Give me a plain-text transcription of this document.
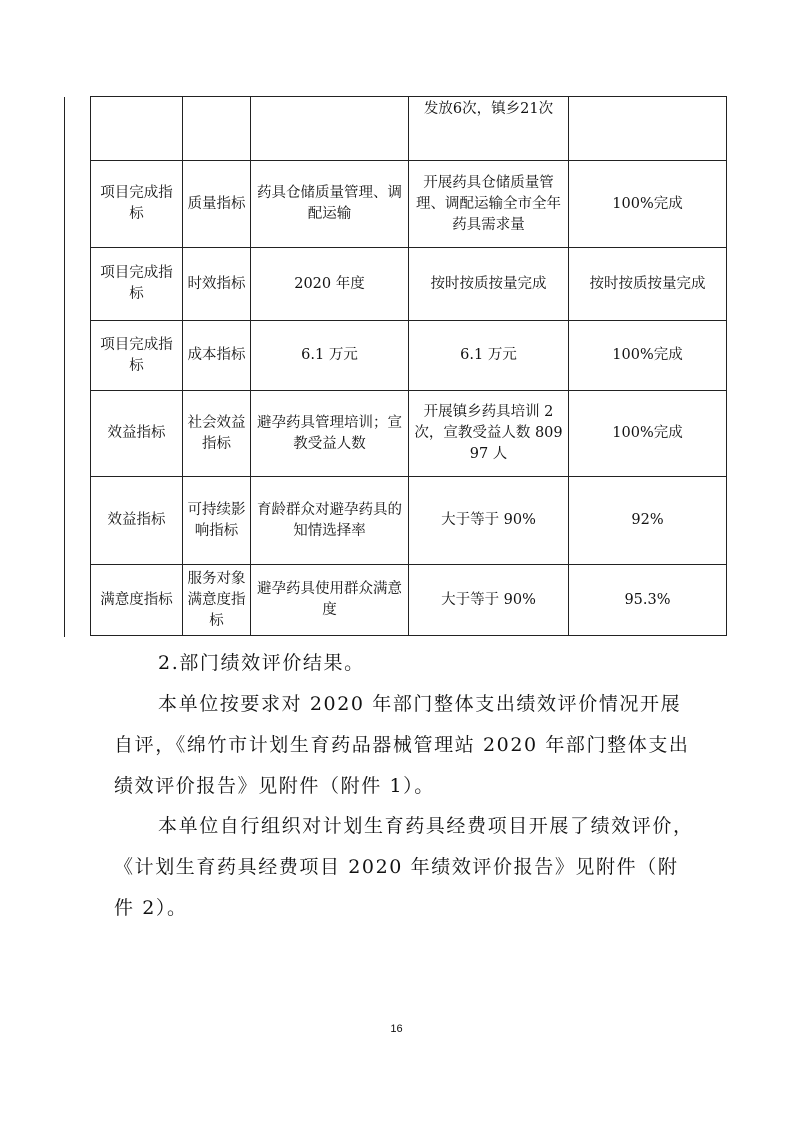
			发放6次，镇乡21次	
项目完成指标	质量指标	药具仓储质量管理、调配运输	开展药具仓储质量管理、调配运输全市全年药具需求量	100%完成
项目完成指标	时效指标	2020 年度	按时按质按量完成	按时按质按量完成
项目完成指标	成本指标	6.1 万元	6.1 万元	100%完成
效益指标	社会效益指标	避孕药具管理培训；宣教受益人数	开展镇乡药具培训 2 次，宣教受益人数 80997 人	100%完成
效益指标	可持续影响指标	育龄群众对避孕药具的知情选择率	大于等于 90%	92%
满意度指标	服务对象满意度指标	避孕药具使用群众满意度	大于等于 90%	95.3%

2.部门绩效评价结果。

本单位按要求对 2020 年部门整体支出绩效评价情况开展自评，《绵竹市计划生育药品器械管理站 2020 年部门整体支出绩效评价报告》见附件（附件 1）。

本单位自行组织对计划生育药具经费项目开展了绩效评价，《计划生育药具经费项目 2020 年绩效评价报告》见附件（附件 2）。

16
